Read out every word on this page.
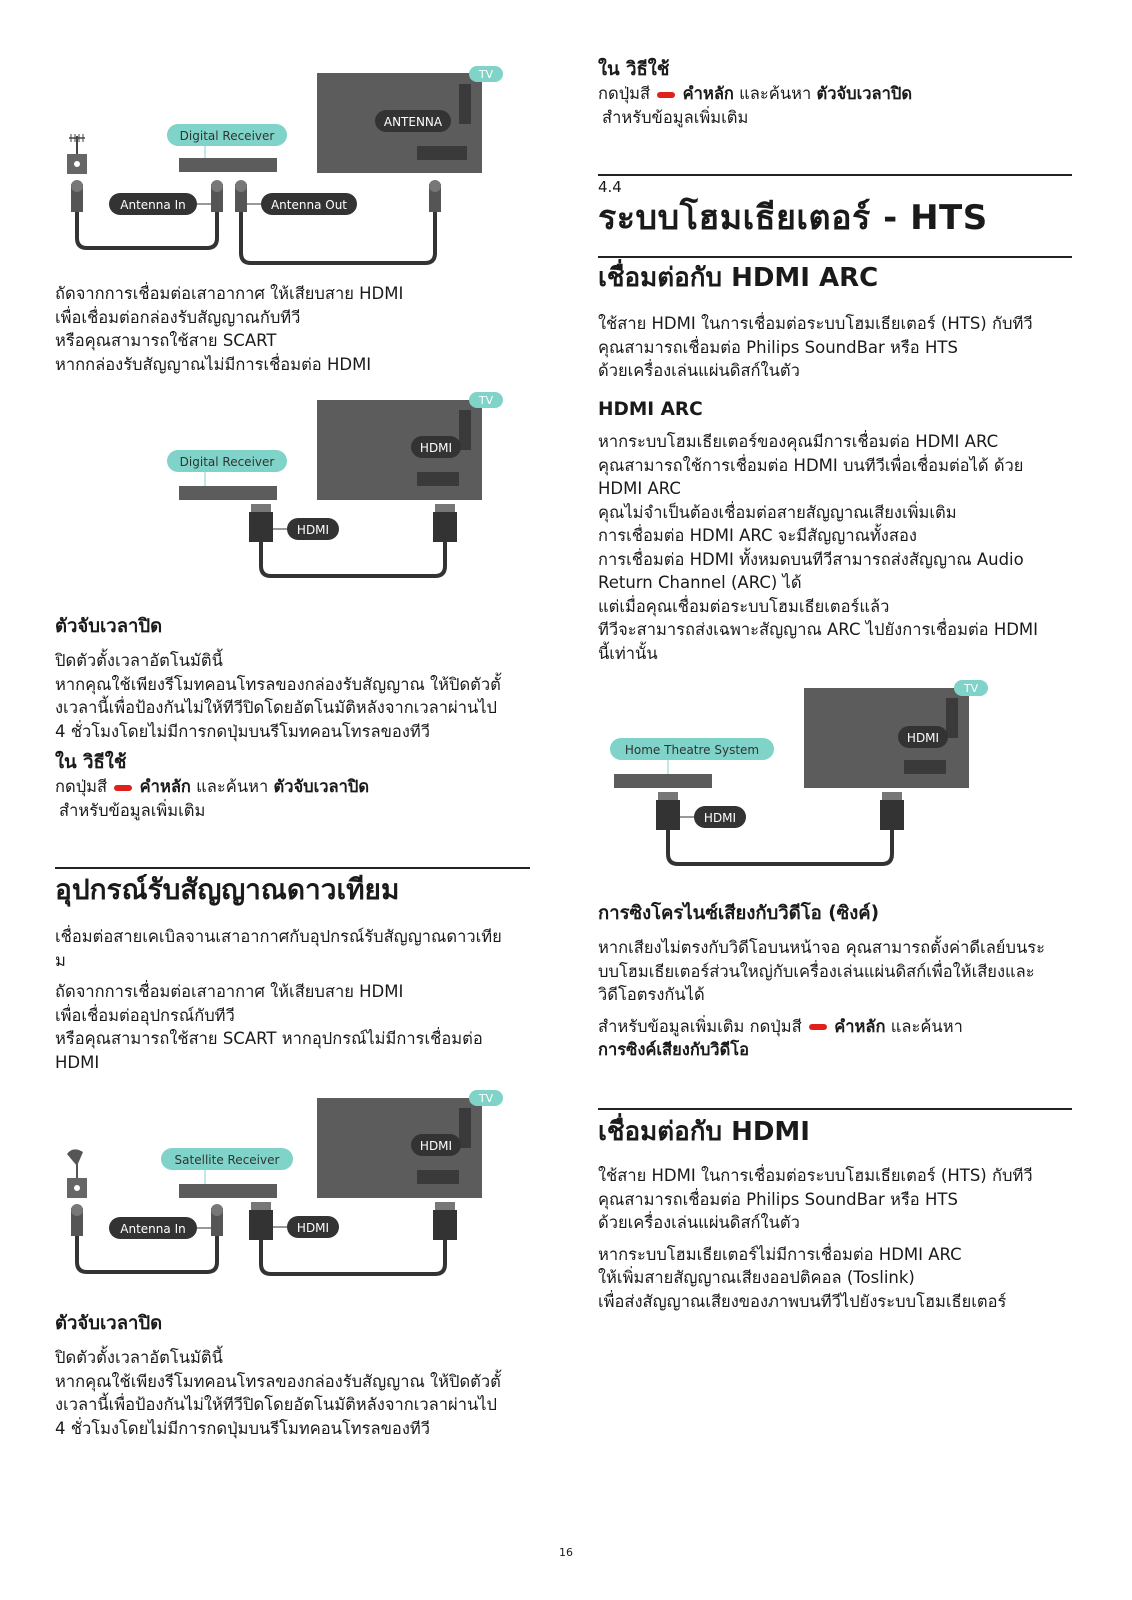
TV
ANTENNA
Digital Receiver
Antenna In	Antenna Out

ถัดจากการเชื่อมต่อเสาอากาศ ให้เสียบสาย HDMI

เพื่อเชื่อมต่อกล่องรับสัญญาณกับทีวี

หรือคุณสามารถใช้สาย SCART

หากกล่องรับสัญญาณไม่มีการเชื่อมต่อ HDMI

TV
HDMI
Digital Receiver
HDMI

ตัวจับเวลาปิด

ปิดตัวตั้งเวลาอัตโนมัตินี้

หากคุณใช้เพียงรีโมทคอนโทรลของกล่องรับสัญญาณ ให้ปิดตัวตั้

งเวลานี้เพื่อป้องกันไม่ให้ทีวีปิดโดยอัตโนมัติหลังจากเวลาผ่านไป

4 ชั่วโมงโดยไม่มีการกดปุ่มบนรีโมทคอนโทรลของทีวี

ใน วิธีใช้

กดปุ่มสี คำหลัก และค้นหา ตัวจับเวลาปิด

สำหรับข้อมูลเพิ่มเติม

อุปกรณ์รับสัญญาณดาวเทียม

เชื่อมต่อสายเคเบิลจานเสาอากาศกับอุปกรณ์รับสัญญาณดาวเทีย

ม

ถัดจากการเชื่อมต่อเสาอากาศ ให้เสียบสาย HDMI

เพื่อเชื่อมต่ออุปกรณ์กับทีวี

หรือคุณสามารถใช้สาย SCART หากอุปกรณ์ไม่มีการเชื่อมต่อ

HDMI

TV
HDMI
Satellite Receiver
Antenna In	HDMI

ตัวจับเวลาปิด

ปิดตัวตั้งเวลาอัตโนมัตินี้

หากคุณใช้เพียงรีโมทคอนโทรลของกล่องรับสัญญาณ ให้ปิดตัวตั้

งเวลานี้เพื่อป้องกันไม่ให้ทีวีปิดโดยอัตโนมัติหลังจากเวลาผ่านไป

4 ชั่วโมงโดยไม่มีการกดปุ่มบนรีโมทคอนโทรลของทีวี

ใน วิธีใช้

กดปุ่มสี คำหลัก และค้นหา ตัวจับเวลาปิด

สำหรับข้อมูลเพิ่มเติม

4.4

ระบบโฮมเธียเตอร์ - HTS

เชื่อมต่อกับ HDMI ARC

ใช้สาย HDMI ในการเชื่อมต่อระบบโฮมเธียเตอร์ (HTS) กับทีวี

คุณสามารถเชื่อมต่อ Philips SoundBar หรือ HTS

ด้วยเครื่องเล่นแผ่นดิสก์ในตัว

HDMI ARC

หากระบบโฮมเธียเตอร์ของคุณมีการเชื่อมต่อ HDMI ARC

คุณสามารถใช้การเชื่อมต่อ HDMI บนทีวีเพื่อเชื่อมต่อได้ ด้วย

HDMI ARC

คุณไม่จำเป็นต้องเชื่อมต่อสายสัญญาณเสียงเพิ่มเติม

การเชื่อมต่อ HDMI ARC จะมีสัญญาณทั้งสอง

การเชื่อมต่อ HDMI ทั้งหมดบนทีวีสามารถส่งสัญญาณ Audio

Return Channel (ARC) ได้

แต่เมื่อคุณเชื่อมต่อระบบโฮมเธียเตอร์แล้ว

ทีวีจะสามารถส่งเฉพาะสัญญาณ ARC ไปยังการเชื่อมต่อ HDMI

นี้เท่านั้น

TV
HDMI
Home Theatre System
HDMI

การซิงโครไนซ์เสียงกับวิดีโอ (ซิงค์)

หากเสียงไม่ตรงกับวิดีโอบนหน้าจอ คุณสามารถตั้งค่าดีเลย์บนระ

บบโฮมเธียเตอร์ส่วนใหญ่กับเครื่องเล่นแผ่นดิสก์เพื่อให้เสียงและ

วิดีโอตรงกันได้

สำหรับข้อมูลเพิ่มเติม กดปุ่มสี คำหลัก และค้นหา

การซิงค์เสียงกับวิดีโอ

เชื่อมต่อกับ HDMI

ใช้สาย HDMI ในการเชื่อมต่อระบบโฮมเธียเตอร์ (HTS) กับทีวี

คุณสามารถเชื่อมต่อ Philips SoundBar หรือ HTS

ด้วยเครื่องเล่นแผ่นดิสก์ในตัว

หากระบบโฮมเธียเตอร์ไม่มีการเชื่อมต่อ HDMI ARC

ให้เพิ่มสายสัญญาณเสียงออปติคอล (Toslink)

เพื่อส่งสัญญาณเสียงของภาพบนทีวีไปยังระบบโฮมเธียเตอร์

16
